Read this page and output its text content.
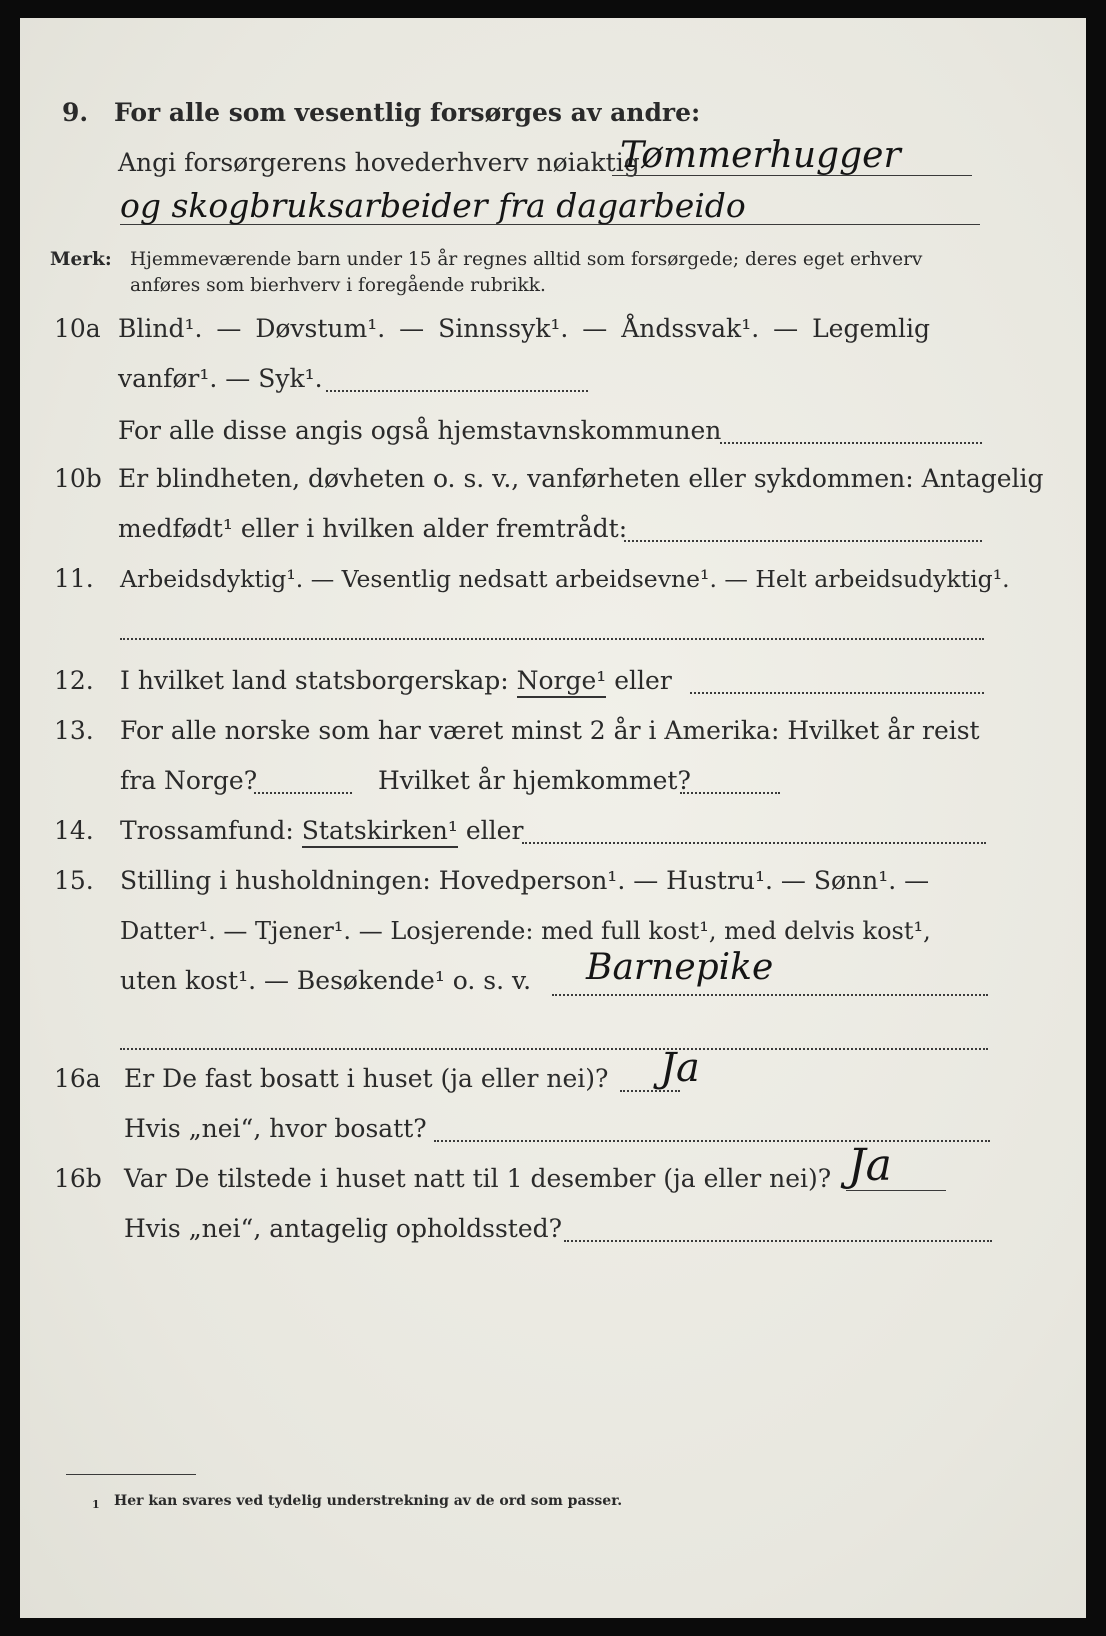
9. For alle som vesentlig forsørges av andre:
Angi forsørgerens hovederhverv nøiaktig
Tømmerhugger
og skogbruksarbeider fra dagarbeido
Merk: Hjemmeværende barn under 15 år regnes alltid som forsørgede; deres eget erhverv
anføres som bierhverv i foregående rubrikk.
10a Blind¹. — Døvstum¹. — Sinnssyk¹. — Åndssvak¹. — Legemlig
vanfør¹. — Syk¹.
For alle disse angis også hjemstavnskommunen
10b Er blindheten, døvheten o. s. v., vanførheten eller sykdommen: Antagelig
medfødt¹ eller i hvilken alder fremtrådt:
11. Arbeidsdyktig¹. — Vesentlig nedsatt arbeidsevne¹. — Helt arbeidsudyktig¹.
12. I hvilket land statsborgerskap: Norge¹ eller
13. For alle norske som har været minst 2 år i Amerika: Hvilket år reist
fra Norge?	Hvilket år hjemkommet?
14. Trossamfund: Statskirken¹ eller
15. Stilling i husholdningen: Hovedperson¹. — Hustru¹. — Sønn¹. —
Datter¹. — Tjener¹. — Losjerende: med full kost¹, med delvis kost¹,
uten kost¹. — Besøkende¹ o. s. v. Barnepike
16a Er De fast bosatt i huset (ja eller nei)? Ja
Hvis „nei“, hvor bosatt?
16b Var De tilstede i huset natt til 1 desember (ja eller nei)? Ja
Hvis „nei“, antagelig opholdssted?
1 Her kan svares ved tydelig understrekning av de ord som passer.
